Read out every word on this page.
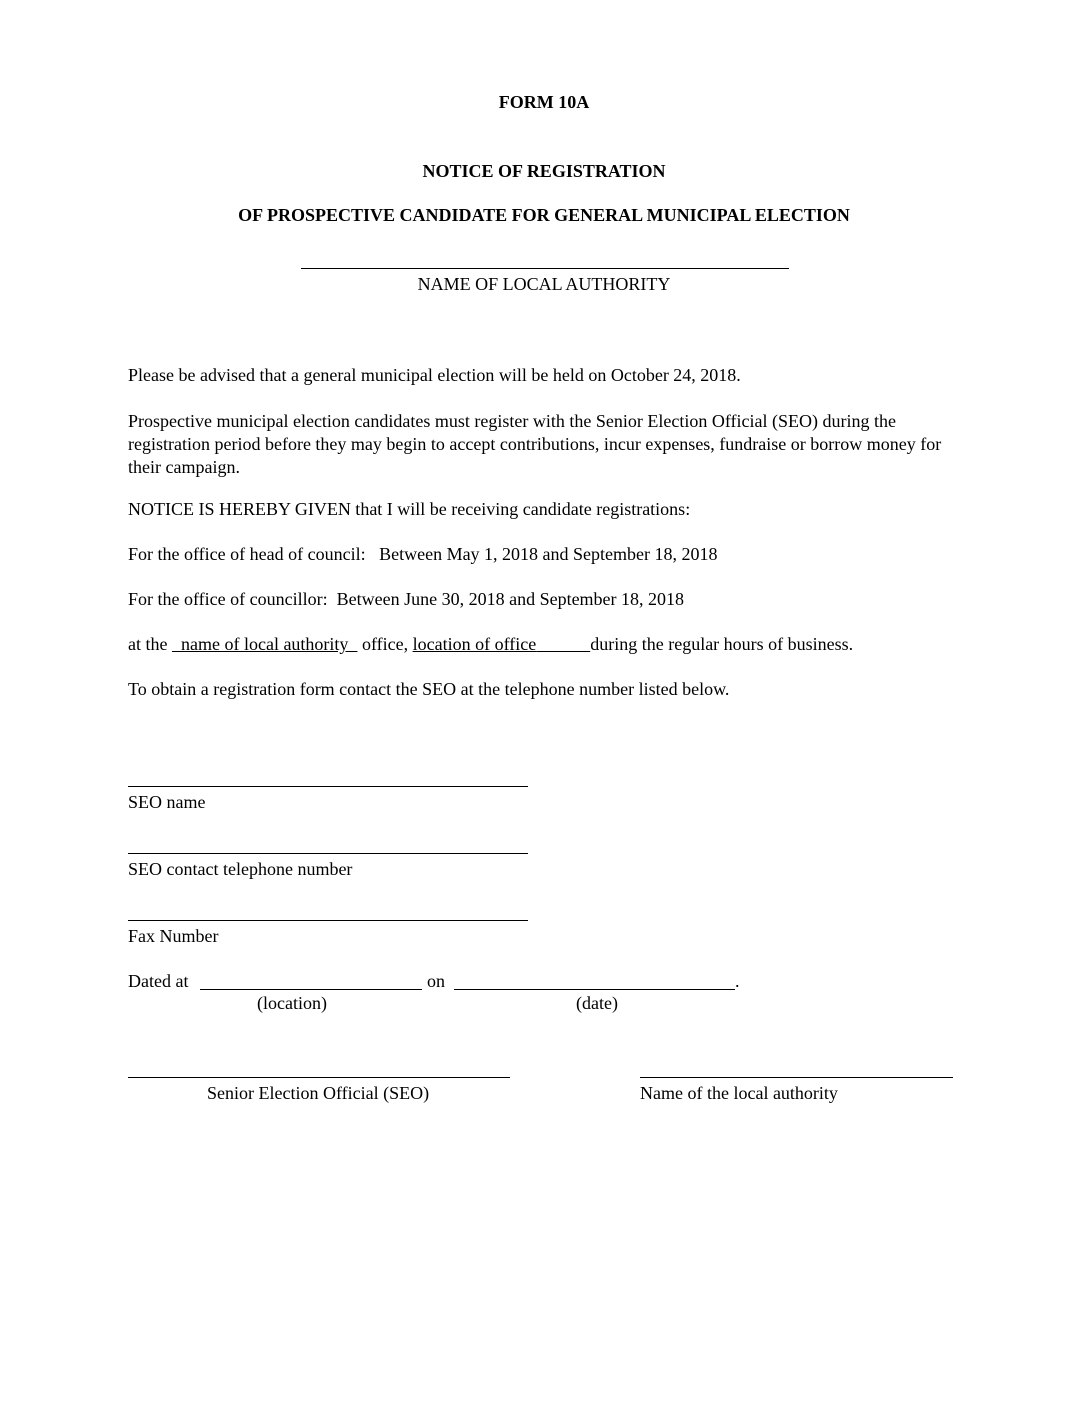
FORM 10A
NOTICE OF REGISTRATION
OF PROSPECTIVE CANDIDATE FOR GENERAL MUNICIPAL ELECTION
NAME OF LOCAL AUTHORITY
Please be advised that a general municipal election will be held on October 24, 2018.
Prospective municipal election candidates must register with the Senior Election Official (SEO) during the registration period before they may begin to accept contributions, incur expenses, fundraise or borrow money for their campaign.
NOTICE IS HEREBY GIVEN that I will be receiving candidate registrations:
For the office of head of council: Between May 1, 2018 and September 18, 2018
For the office of councillor: Between June 30, 2018 and September 18, 2018
at the name of local authority office, location of office	during the regular hours of business.
To obtain a registration form contact the SEO at the telephone number listed below.
SEO name
SEO contact telephone number
Fax Number
Dated at	on	.
(location)	(date)
Senior Election Official (SEO)	Name of the local authority
